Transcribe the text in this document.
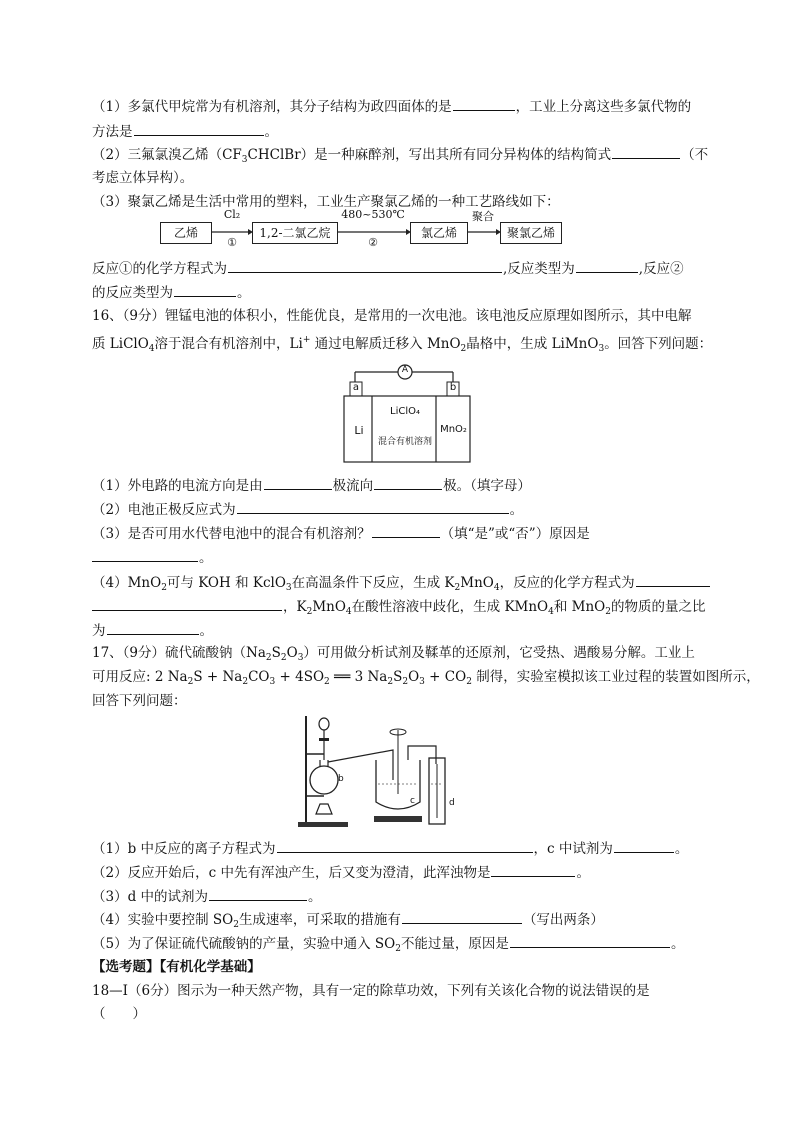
（1）多氯代甲烷常为有机溶剂，其分子结构为政四面体的是	，工业上分离这些多氯代物的
方法是	。
（2）三氟氯溴乙烯$(CF_3CHClBr)$是一种麻醉剂，写出其所有同分异构体的结构简式	（不
考虑立体异构）。
（3）聚氯乙烯是生活中常用的塑料，工业生产聚氯乙烯的一种工艺路线如下：
乙烯
Cl₂
①
1,2-二氯乙烷
480~530℃
②
氯乙烯
聚合
聚氯乙烯
反应①的化学方程式为	,反应类型为	,反应②
的反应类型为	。
16、（9分）锂锰电池的体积小，性能优良，是常用的一次电池。该电池反应原理如图所示，其中电解
质 LiClO$_4$溶于混合有机溶剂中，Li+ 通过电解质迁移入 MnO$_2$晶格中，生成 LiMnO$_3$。回答下列问题：
A
a	b
Li
LiClO₄
混合有机溶剂
MnO₂
（1）外电路的电流方向是由	极流向	极。（填字母）
（2）电池正极反应式为	。
（3）是否可用水代替电池中的混合有机溶剂？	（填“是”或“否”）原因是
。
（4）MnO$_2$可与 KOH 和 KclO$_3$在高温条件下反应，生成 $K_2MnO_4$，反应的化学方程式为
，$K_2MnO_4$在酸性溶液中歧化，生成 KMnO$_4$和 MnO$_2$的物质的量之比
为	。
17、（9分）硫代硫酸钠$(Na_2S_2O_3)$可用做分析试剂及鞣革的还原剂，它受热、遇酸易分解。工业上
可用反应: 2 $Na_2S + Na_2CO_3 + 4SO_2$ ══ 3 $Na_2S_2O_3 + CO_2$ 制得，实验室模拟该工业过程的装置如图所示，
回答下列问题：
b
c	d
（1）b 中反应的离子方程式为	，c 中试剂为	。
（2）反应开始后，c 中先有浑浊产生，后又变为澄清，此浑浊物是	。
（3）d 中的试剂为	。
（4）实验中要控制 $SO_2$生成速率，可采取的措施有	（写出两条）
（5）为了保证硫代硫酸钠的产量，实验中通入 $SO_2$不能过量，原因是	。
【选考题】【有机化学基础】
18—Ⅰ（6分）图示为一种天然产物，具有一定的除草功效，下列有关该化合物的说法错误的是
（　　）
